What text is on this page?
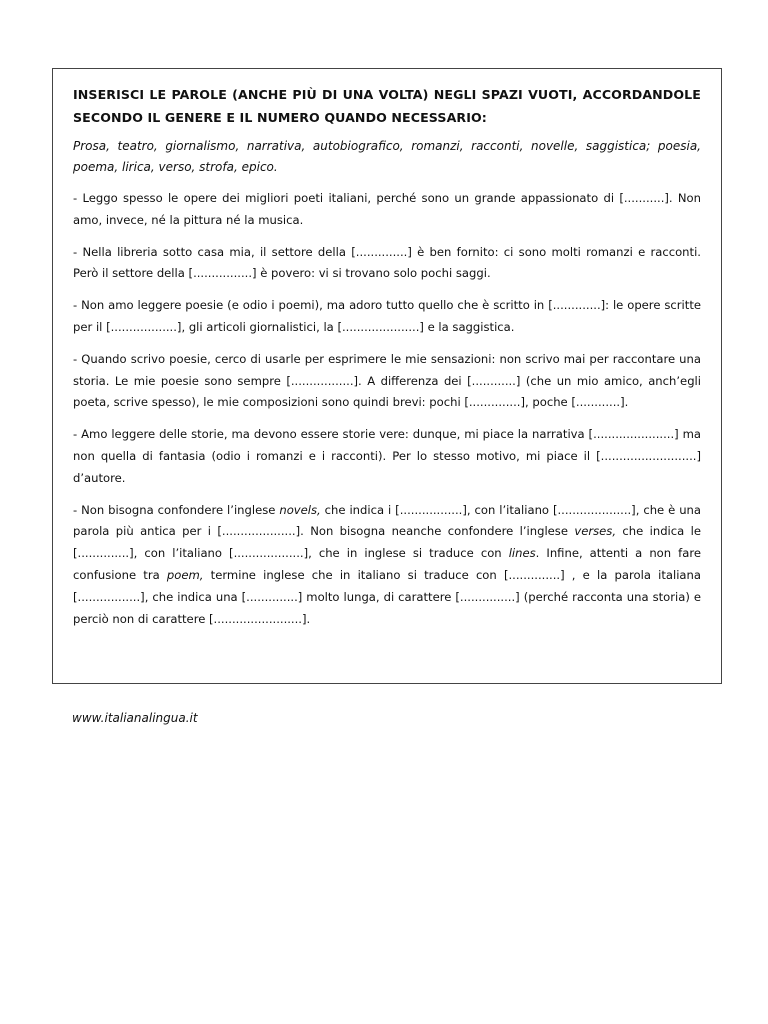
INSERISCI LE PAROLE (ANCHE PIÙ DI UNA VOLTA) NEGLI SPAZI VUOTI, ACCORDANDOLE SECONDO IL GENERE E IL NUMERO QUANDO NECESSARIO:

Prosa, teatro, giornalismo, narrativa, autobiografico, romanzi, racconti, novelle, saggistica; poesia, poema, lirica, verso, strofa, epico.

- Leggo spesso le opere dei migliori poeti italiani, perché sono un grande appassionato di [...........]. Non amo, invece, né la pittura né la musica.

- Nella libreria sotto casa mia, il settore della [..............] è ben fornito: ci sono molti romanzi e racconti. Però il settore della [................] è povero: vi si trovano solo pochi saggi.

- Non amo leggere poesie (e odio i poemi), ma adoro tutto quello che è scritto in [.............]: le opere scritte per il [..................], gli articoli giornalistici, la [.....................] e la saggistica.

- Quando scrivo poesie, cerco di usarle per esprimere le mie sensazioni: non scrivo mai per raccontare una storia. Le mie poesie sono sempre [.................]. A differenza dei [............] (che un mio amico, anch’egli poeta, scrive spesso), le mie composizioni sono quindi brevi: pochi [..............], poche [............].

- Amo leggere delle storie, ma devono essere storie vere: dunque, mi piace la narrativa [......................] ma non quella di fantasia (odio i romanzi e i racconti). Per lo stesso motivo, mi piace il [..........................] d’autore.

- Non bisogna confondere l’inglese novels, che indica i [.................], con l’italiano [....................], che è una parola più antica per i [....................]. Non bisogna neanche confondere l’inglese verses, che indica le [..............], con l’italiano [...................], che in inglese si traduce con lines. Infine, attenti a non fare confusione tra poem, termine inglese che in italiano si traduce con [..............] , e la parola italiana [.................], che indica una [..............] molto lunga, di carattere [...............] (perché racconta una storia) e perciò non di carattere [........................].

www.italianalingua.it
